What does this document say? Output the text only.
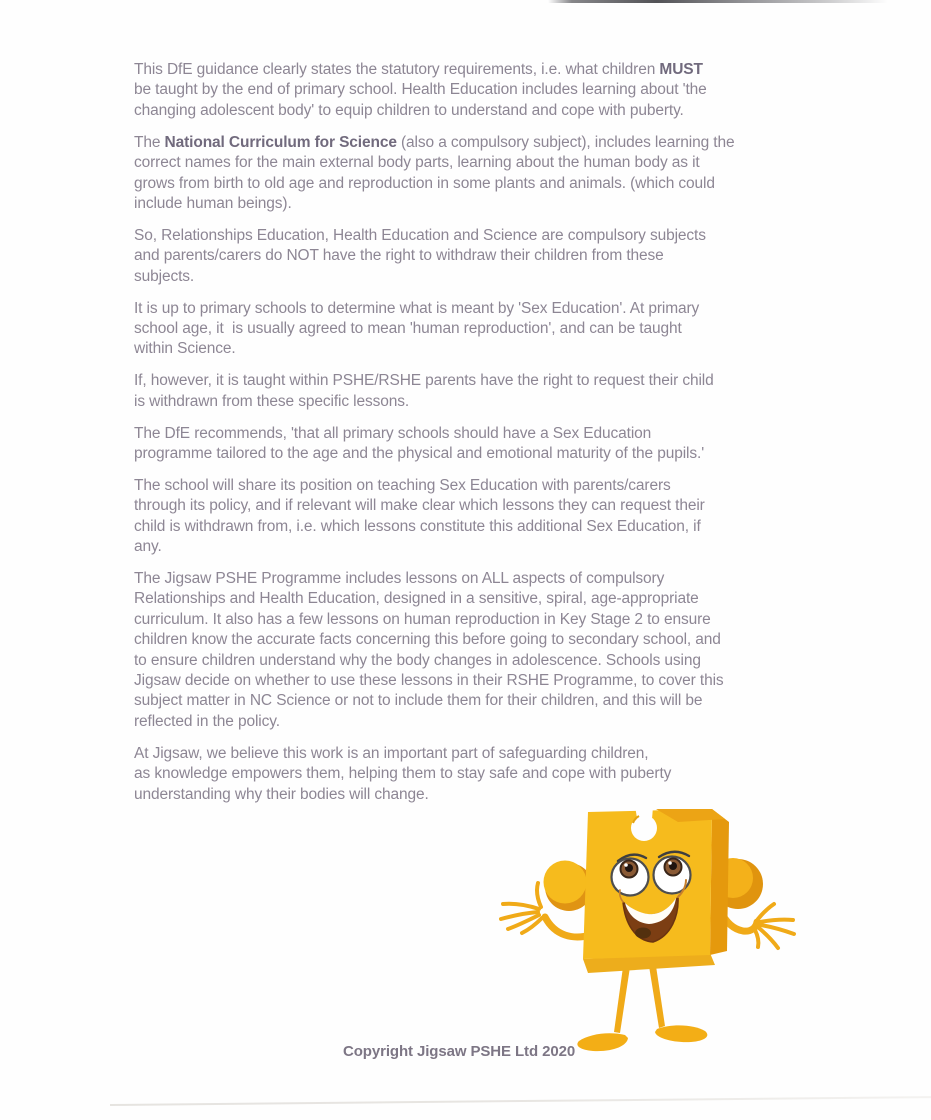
This DfE guidance clearly states the statutory requirements, i.e. what children MUST
be taught by the end of primary school. Health Education includes learning about 'the
changing adolescent body' to equip children to understand and cope with puberty.

The National Curriculum for Science (also a compulsory subject), includes learning the
correct names for the main external body parts, learning about the human body as it
grows from birth to old age and reproduction in some plants and animals. (which could
include human beings).

So, Relationships Education, Health Education and Science are compulsory subjects
and parents/carers do NOT have the right to withdraw their children from these
subjects.

It is up to primary schools to determine what is meant by 'Sex Education'. At primary
school age, it  is usually agreed to mean 'human reproduction', and can be taught
within Science.

If, however, it is taught within PSHE/RSHE parents have the right to request their child
is withdrawn from these specific lessons.

The DfE recommends, 'that all primary schools should have a Sex Education
programme tailored to the age and the physical and emotional maturity of the pupils.'

The school will share its position on teaching Sex Education with parents/carers
through its policy, and if relevant will make clear which lessons they can request their
child is withdrawn from, i.e. which lessons constitute this additional Sex Education, if
any.

The Jigsaw PSHE Programme includes lessons on ALL aspects of compulsory
Relationships and Health Education, designed in a sensitive, spiral, age-appropriate
curriculum. It also has a few lessons on human reproduction in Key Stage 2 to ensure
children know the accurate facts concerning this before going to secondary school, and
to ensure children understand why the body changes in adolescence. Schools using
Jigsaw decide on whether to use these lessons in their RSHE Programme, to cover this
subject matter in NC Science or not to include them for their children, and this will be
reflected in the policy.

At Jigsaw, we believe this work is an important part of safeguarding children,
as knowledge empowers them, helping them to stay safe and cope with puberty
understanding why their bodies will change.

Copyright Jigsaw PSHE Ltd 2020
